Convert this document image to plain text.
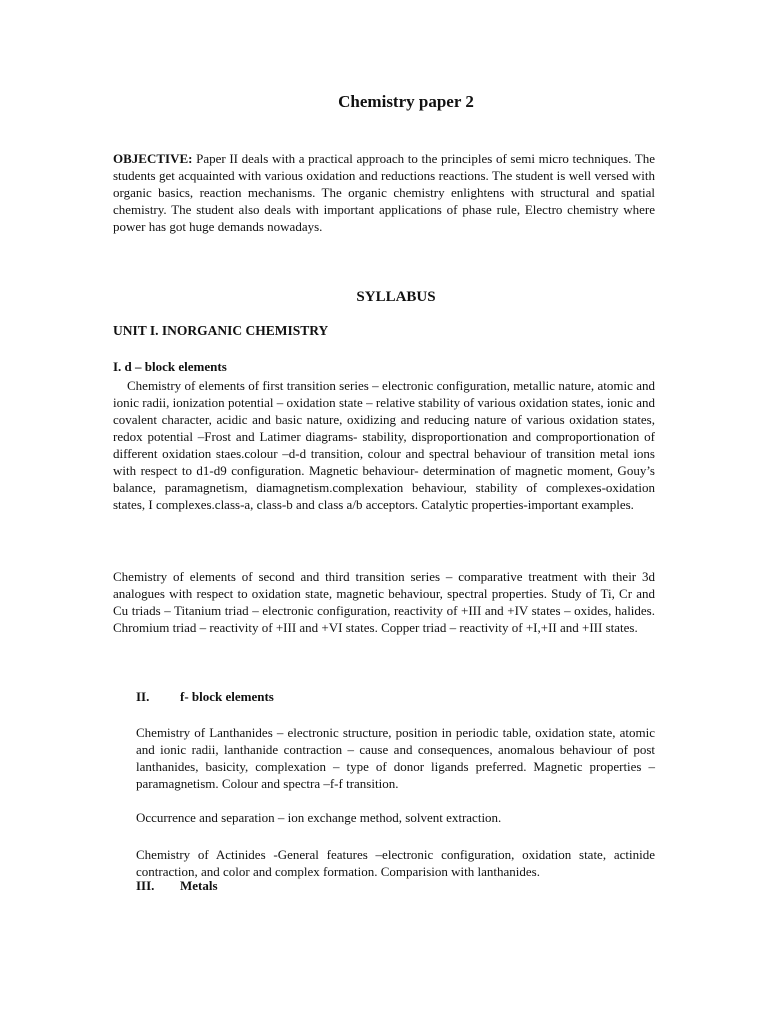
Chemistry paper 2

OBJECTIVE: Paper II deals with a practical approach to the principles of semi micro techniques. The students get acquainted with various oxidation and reductions reactions. The student is well versed with organic basics, reaction mechanisms. The organic chemistry enlightens with structural and spatial chemistry. The student also deals with important applications of phase rule, Electro chemistry where power has got huge demands nowadays.

SYLLABUS
UNIT I. INORGANIC CHEMISTRY
I. d – block elements

Chemistry of elements of first transition series – electronic configuration, metallic nature, atomic and ionic radii, ionization potential – oxidation state – relative stability of various oxidation states, ionic and covalent character, acidic and basic nature, oxidizing and reducing nature of various oxidation states, redox potential –Frost and Latimer diagrams- stability, disproportionation and comproportionation of different oxidation staes.colour –d-d transition, colour and spectral behaviour of transition metal ions with respect to d1-d9 configuration. Magnetic behaviour- determination of magnetic moment, Gouy’s balance, paramagnetism, diamagnetism.complexation behaviour, stability of complexes-oxidation states, I complexes.class-a, class-b and class a/b acceptors. Catalytic properties-important examples.

Chemistry of elements of second and third transition series – comparative treatment with their 3d analogues with respect to oxidation state, magnetic behaviour, spectral properties. Study of Ti, Cr and Cu triads – Titanium triad – electronic configuration, reactivity of +III and +IV states – oxides, halides. Chromium triad – reactivity of +III and +VI states. Copper triad – reactivity of +I,+II and +III states.

II. f- block elements

Chemistry of Lanthanides – electronic structure, position in periodic table, oxidation state, atomic and ionic radii, lanthanide contraction – cause and consequences, anomalous behaviour of post lanthanides, basicity, complexation – type of donor ligands preferred. Magnetic properties – paramagnetism. Colour and spectra –f-f transition.

Occurrence and separation – ion exchange method, solvent extraction.

Chemistry of Actinides -General features –electronic configuration, oxidation state, actinide contraction, and color and complex formation. Comparision with lanthanides.

III. Metals
